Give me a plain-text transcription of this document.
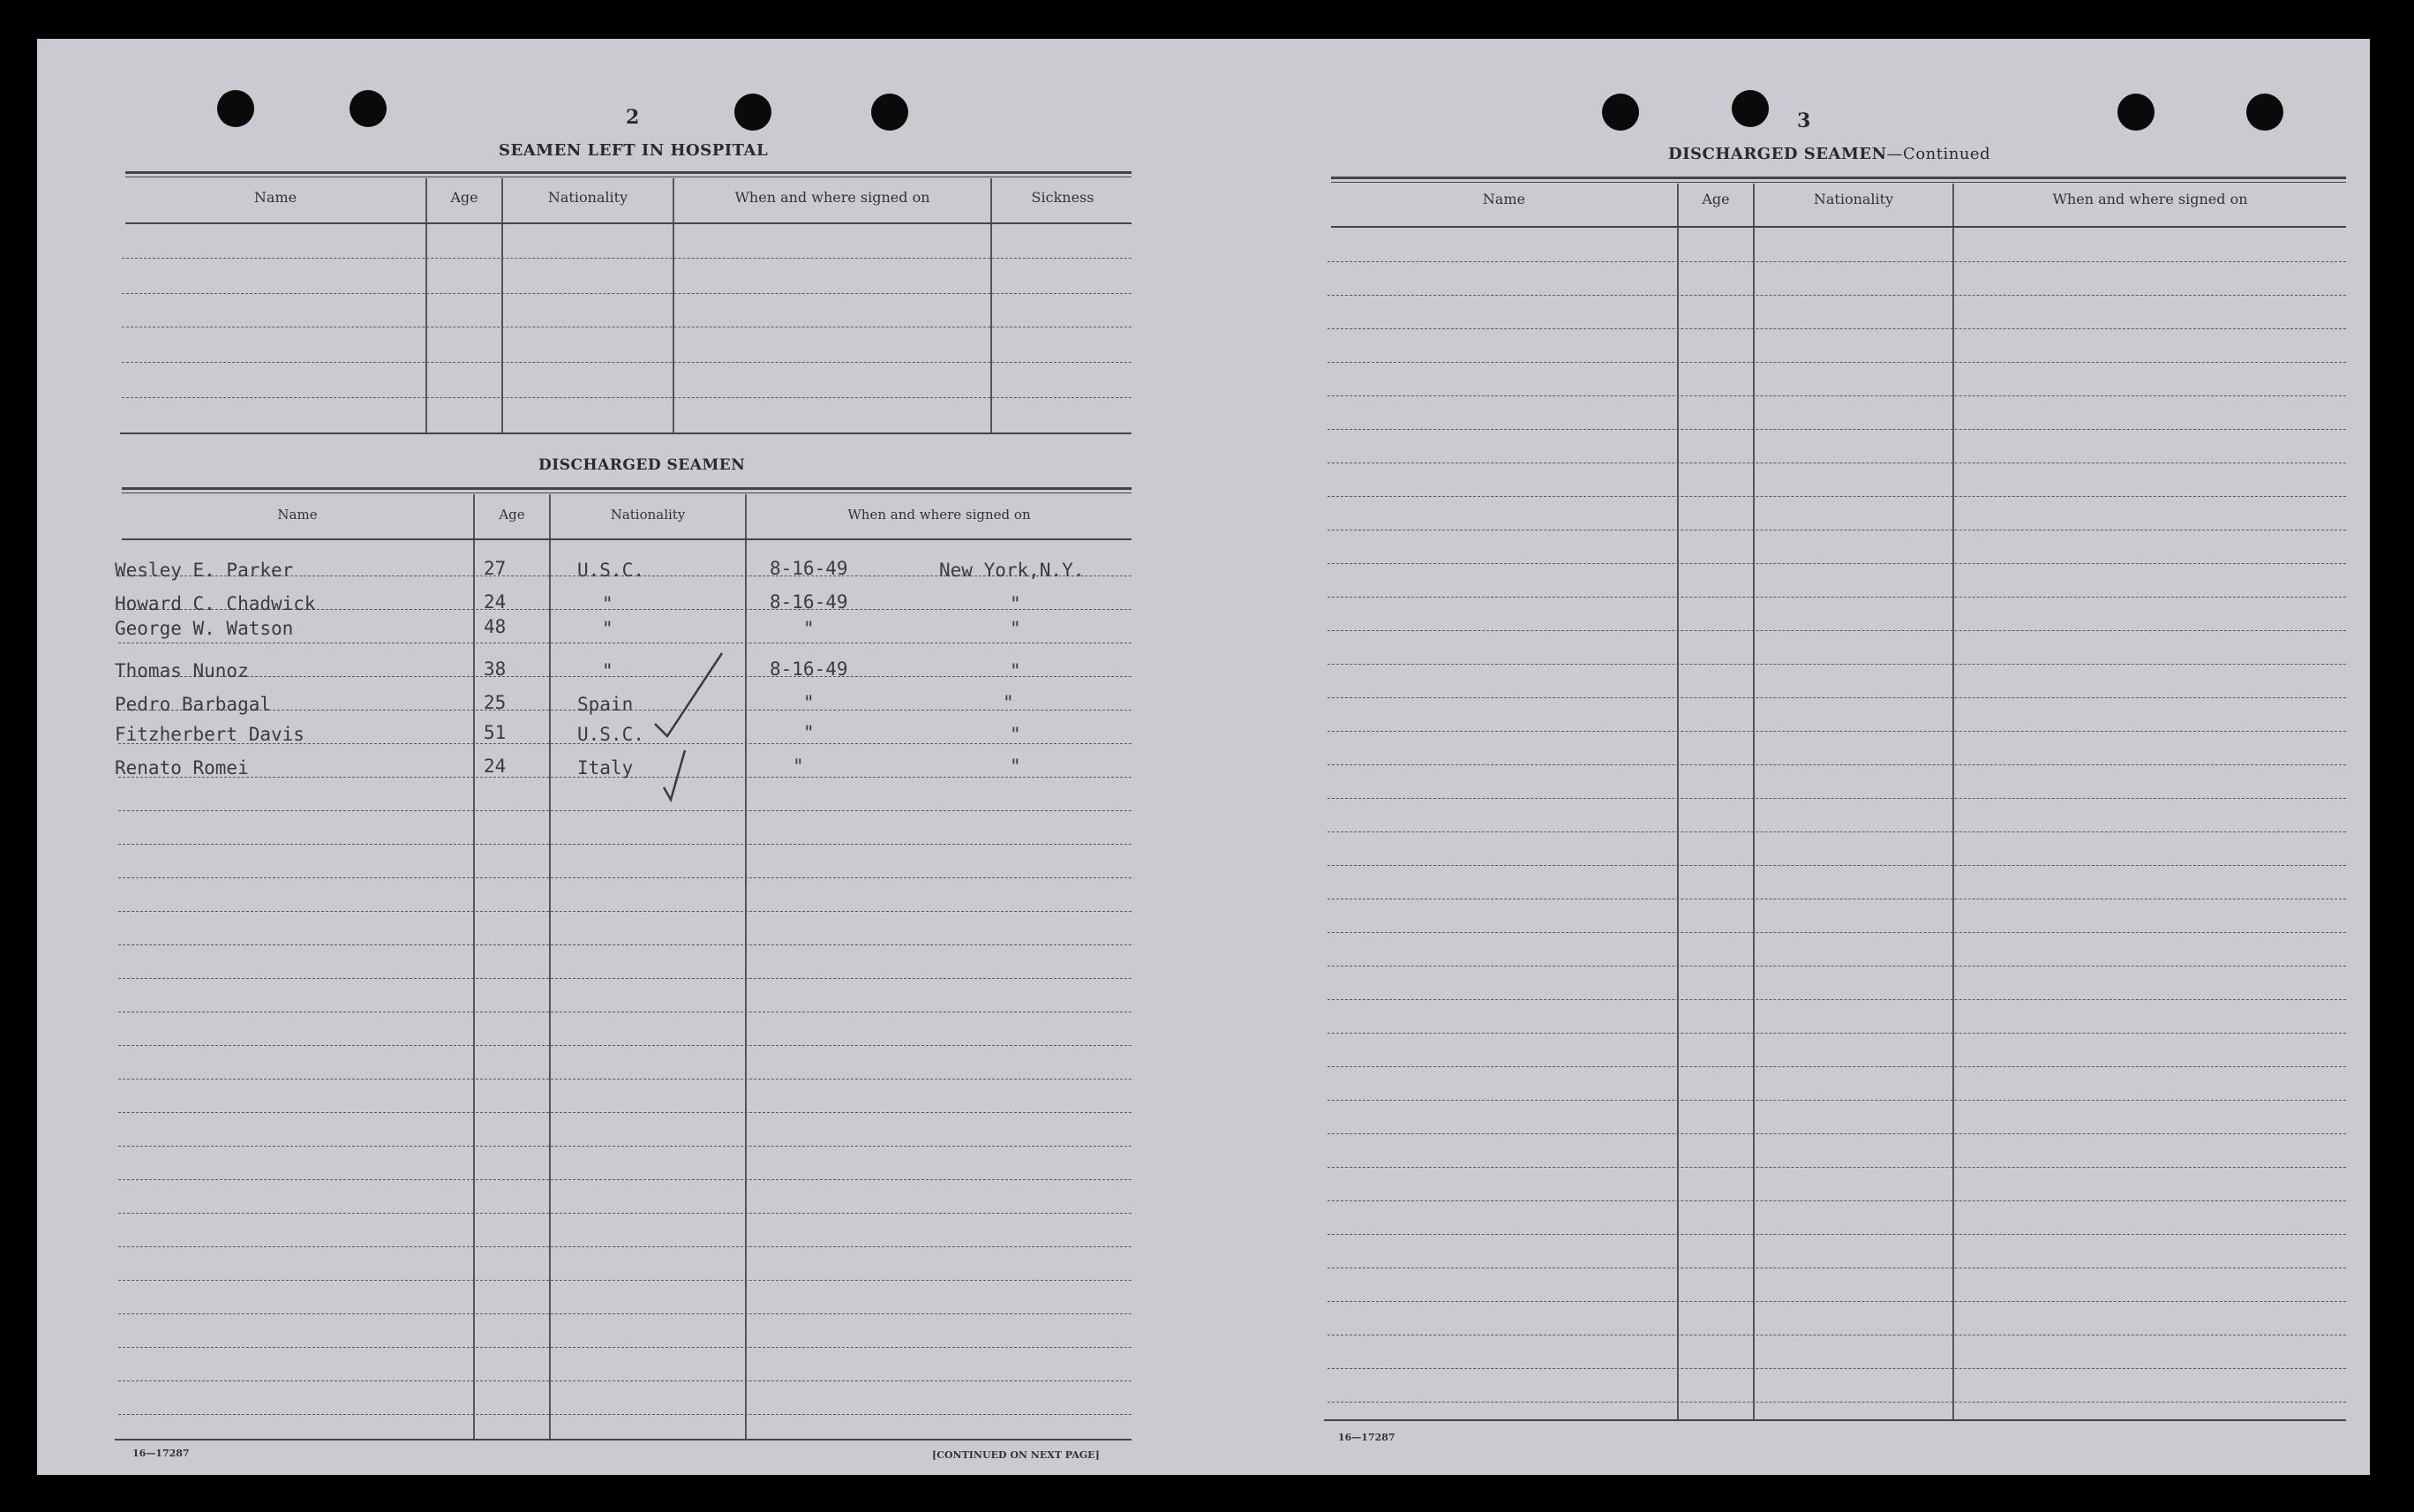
2
SEAMEN LEFT IN HOSPITAL
Name	Age	Nationality	When and where signed on	Sickness
DISCHARGED SEAMEN
Name	Age	Nationality	When and where signed on
Wesley E. Parker	27	U.S.C.	8-16-49	New York,N.Y.
Howard C. Chadwick	24	"	8-16-49	"
George W. Watson	48	"	"	"
Thomas Nunoz	38	"	8-16-49	"
Pedro Barbagal	25	Spain	"	"
Fitzherbert Davis	51	U.S.C.	"	"
Renato Romei	24	Italy	"	"
16—17287	[CONTINUED ON NEXT PAGE]
3
DISCHARGED SEAMEN—Continued
Name	Age	Nationality	When and where signed on
16—17287
